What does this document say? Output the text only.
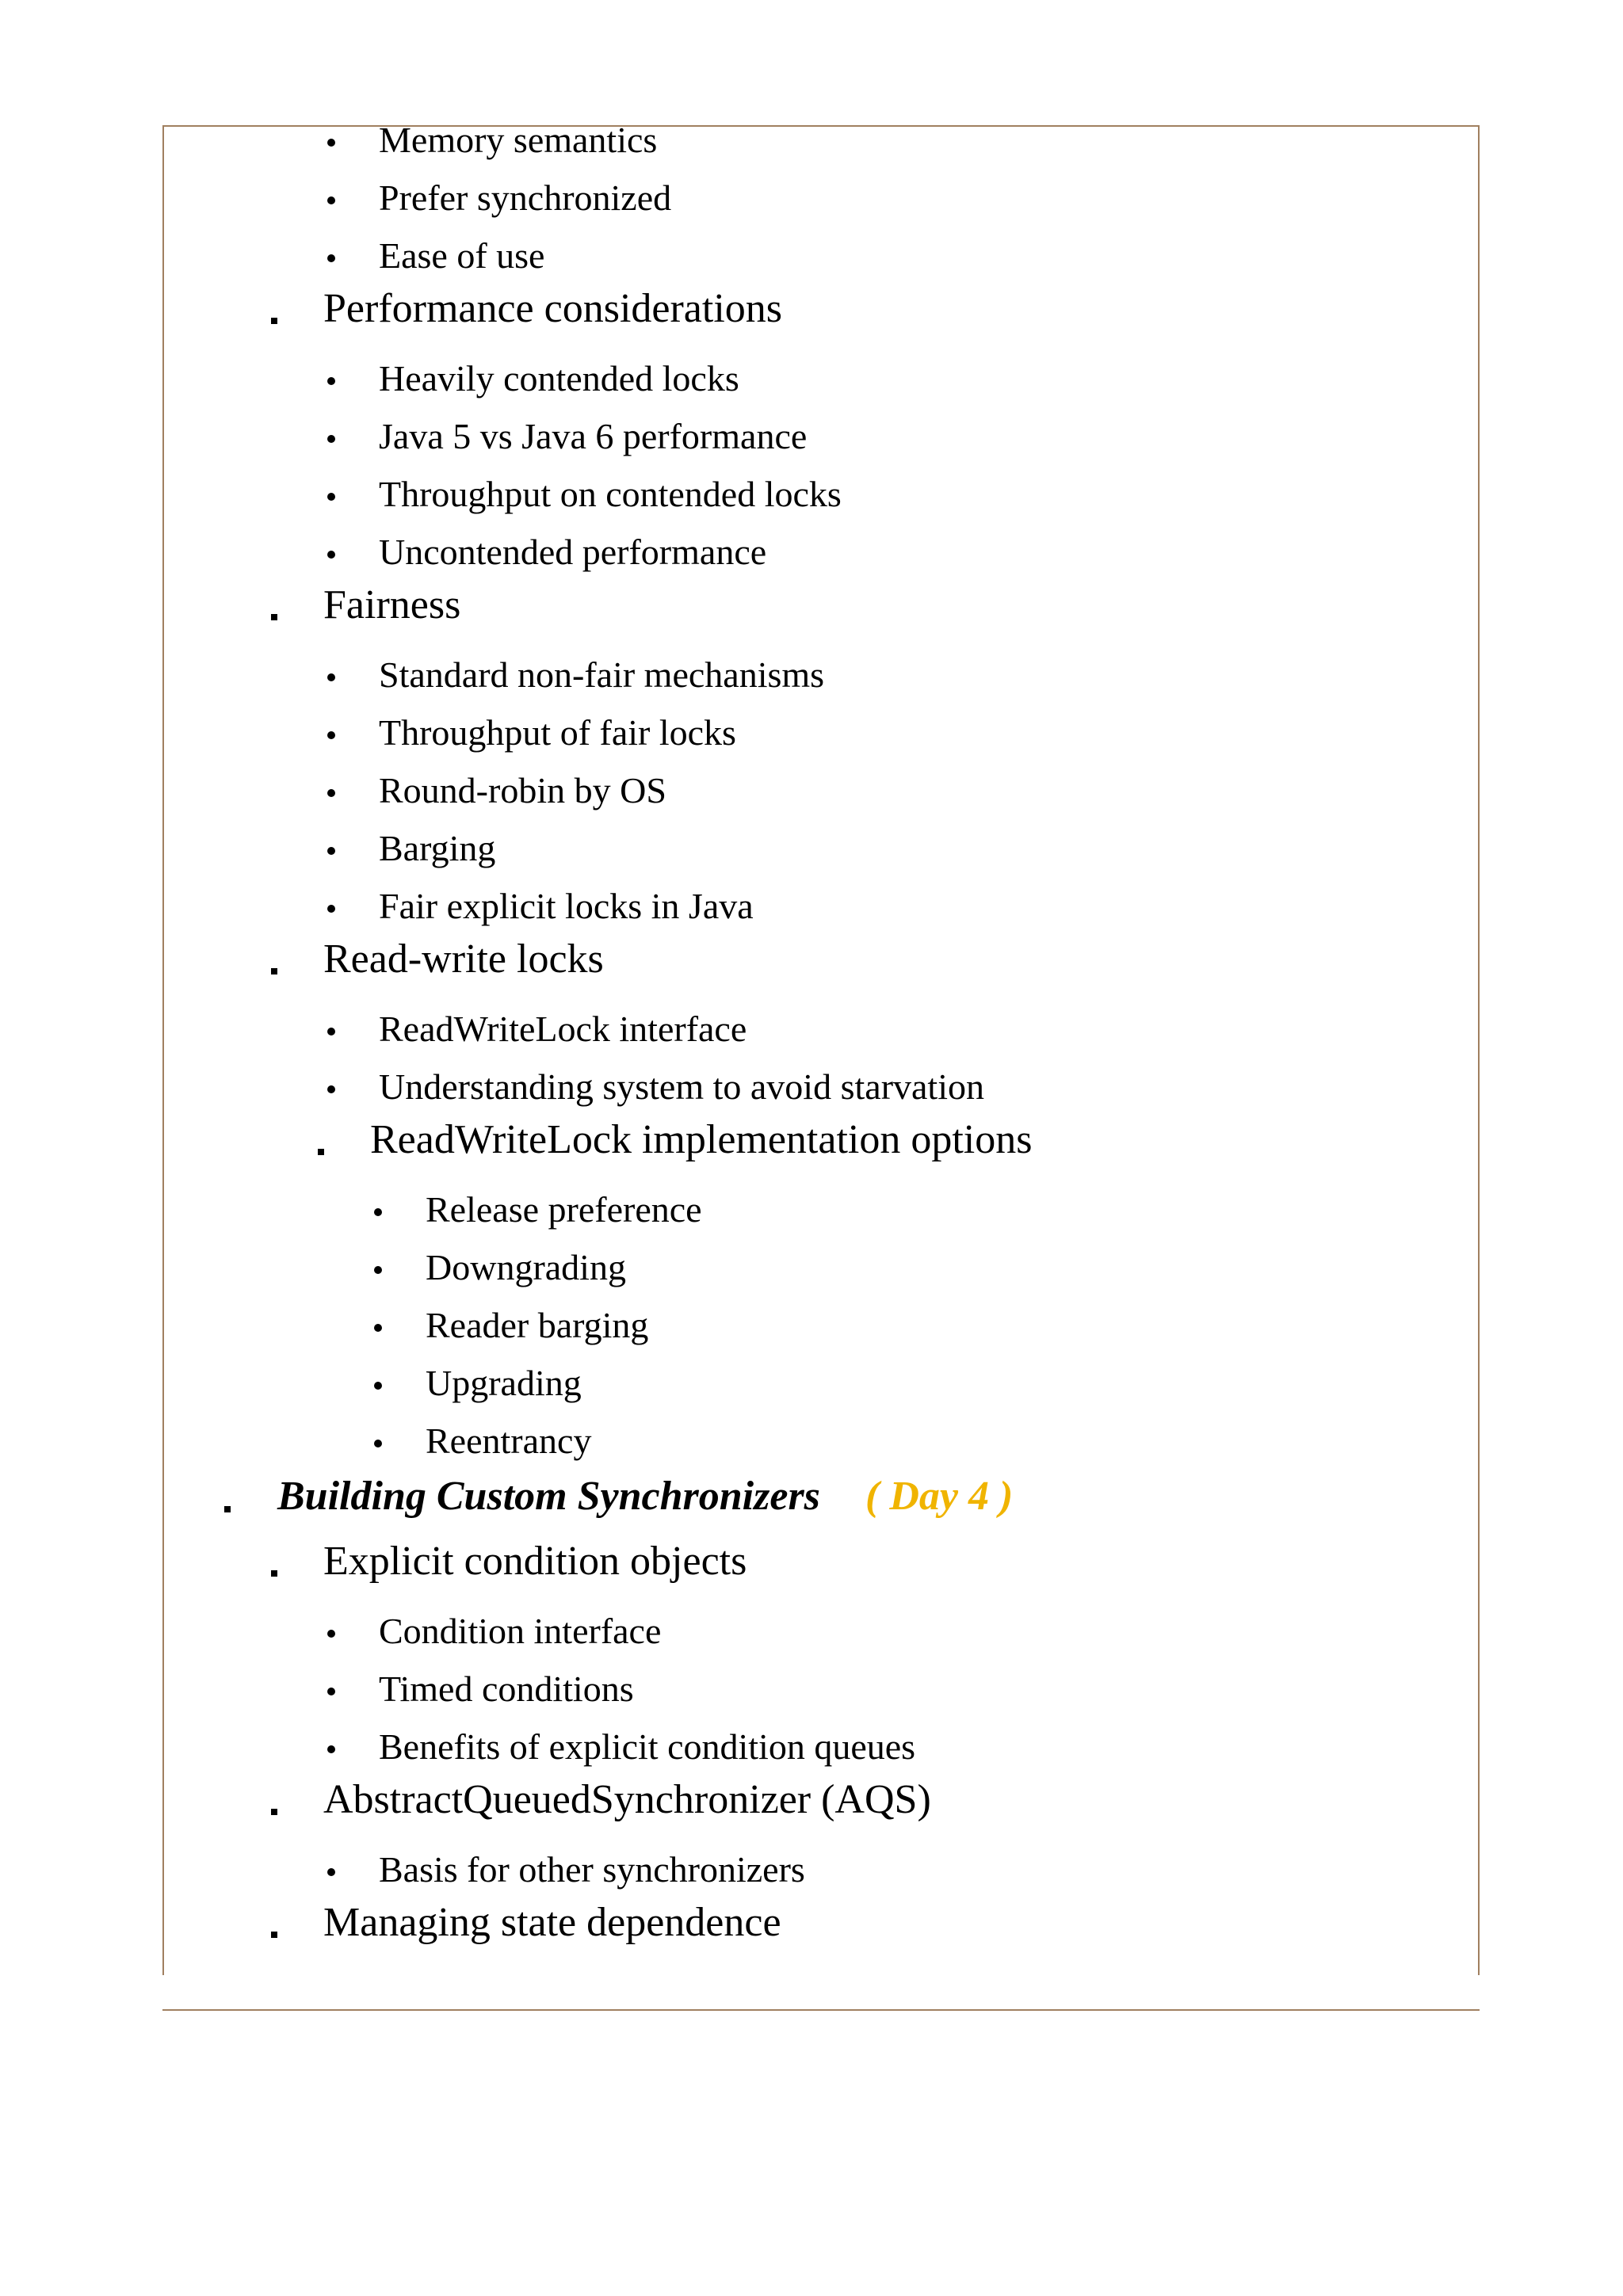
Memory semantics
Prefer synchronized
Ease of use
Performance considerations
Heavily contended locks
Java 5 vs Java 6 performance
Throughput on contended locks
Uncontended performance
Fairness
Standard non-fair mechanisms
Throughput of fair locks
Round-robin by OS
Barging
Fair explicit locks in Java
Read-write locks
ReadWriteLock interface
Understanding system to avoid starvation
ReadWriteLock implementation options
Release preference
Downgrading
Reader barging
Upgrading
Reentrancy
Building Custom Synchronizers ( Day 4 )
Explicit condition objects
Condition interface
Timed conditions
Benefits of explicit condition queues
AbstractQueuedSynchronizer (AQS)
Basis for other synchronizers
Managing state dependence
